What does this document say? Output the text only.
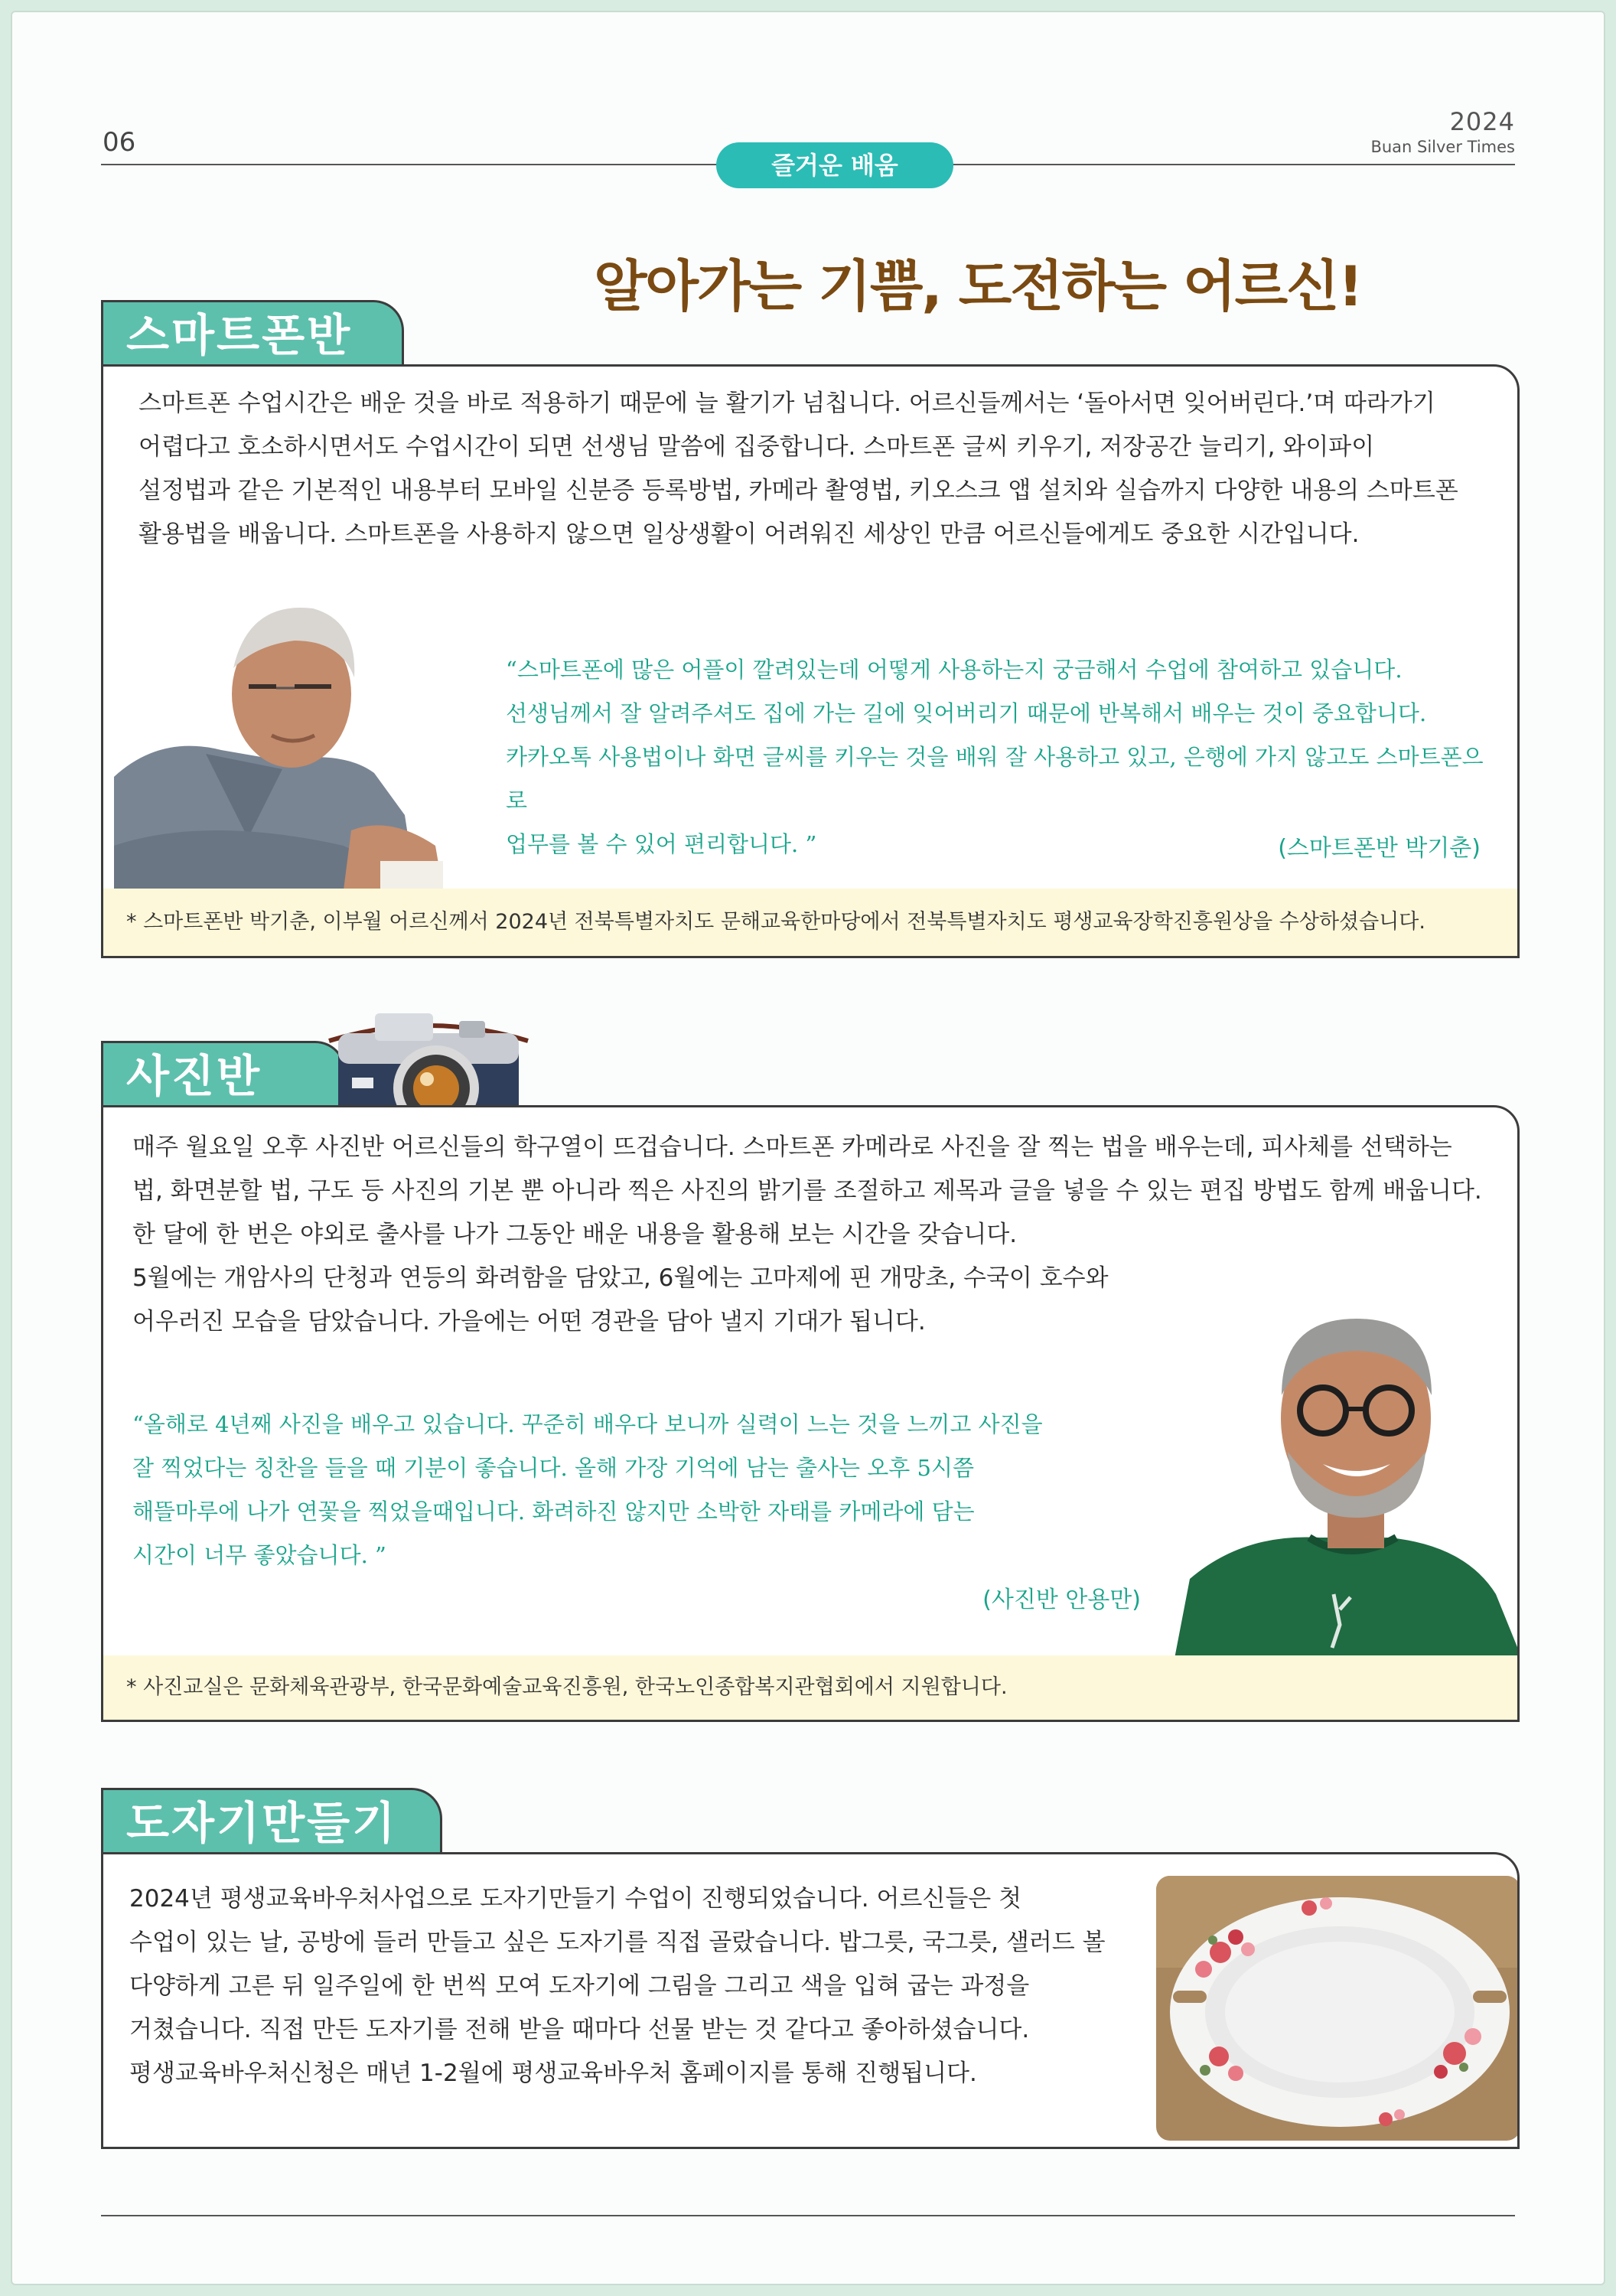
06
2024
Buan Silver Times
즐거운 배움
알아가는 기쁨, 도전하는 어르신!
스마트폰반
스마트폰 수업시간은 배운 것을 바로 적용하기 때문에 늘 활기가 넘칩니다. 어르신들께서는 ‘돌아서면 잊어버린다.’며 따라가기
어렵다고 호소하시면서도 수업시간이 되면 선생님 말씀에 집중합니다. 스마트폰 글씨 키우기, 저장공간 늘리기, 와이파이
설정법과 같은 기본적인 내용부터 모바일 신분증 등록방법, 카메라 촬영법, 키오스크 앱 설치와 실습까지 다양한 내용의 스마트폰
활용법을 배웁니다. 스마트폰을 사용하지 않으면 일상생활이 어려워진 세상인 만큼 어르신들에게도 중요한 시간입니다.
“스마트폰에 많은 어플이 깔려있는데 어떻게 사용하는지 궁금해서 수업에 참여하고 있습니다.
선생님께서 잘 알려주셔도 집에 가는 길에 잊어버리기 때문에 반복해서 배우는 것이 중요합니다.
카카오톡 사용법이나 화면 글씨를 키우는 것을 배워 잘 사용하고 있고, 은행에 가지 않고도 스마트폰으로
업무를 볼 수 있어 편리합니다. ”	(스마트폰반 박기춘)
* 스마트폰반 박기춘, 이부월 어르신께서 2024년 전북특별자치도 문해교육한마당에서 전북특별자치도 평생교육장학진흥원상을 수상하셨습니다.
사진반
매주 월요일 오후 사진반 어르신들의 학구열이 뜨겁습니다. 스마트폰 카메라로 사진을 잘 찍는 법을 배우는데, 피사체를 선택하는
법, 화면분할 법, 구도 등 사진의 기본 뿐 아니라 찍은 사진의 밝기를 조절하고 제목과 글을 넣을 수 있는 편집 방법도 함께 배웁니다.
한 달에 한 번은 야외로 출사를 나가 그동안 배운 내용을 활용해 보는 시간을 갖습니다.
5월에는 개암사의 단청과 연등의 화려함을 담았고, 6월에는 고마제에 핀 개망초, 수국이 호수와
어우러진 모습을 담았습니다. 가을에는 어떤 경관을 담아 낼지 기대가 됩니다.
“올해로 4년째 사진을 배우고 있습니다. 꾸준히 배우다 보니까 실력이 느는 것을 느끼고 사진을
잘 찍었다는 칭찬을 들을 때 기분이 좋습니다. 올해 가장 기억에 남는 출사는 오후 5시쯤
해뜰마루에 나가 연꽃을 찍었을때입니다. 화려하진 않지만 소박한 자태를 카메라에 담는
시간이 너무 좋았습니다. ”
(사진반 안용만)
* 사진교실은 문화체육관광부, 한국문화예술교육진흥원, 한국노인종합복지관협회에서 지원합니다.
도자기만들기
2024년 평생교육바우처사업으로 도자기만들기 수업이 진행되었습니다. 어르신들은 첫
수업이 있는 날, 공방에 들러 만들고 싶은 도자기를 직접 골랐습니다. 밥그릇, 국그릇, 샐러드 볼
다양하게 고른 뒤 일주일에 한 번씩 모여 도자기에 그림을 그리고 색을 입혀 굽는 과정을
거쳤습니다. 직접 만든 도자기를 전해 받을 때마다 선물 받는 것 같다고 좋아하셨습니다.
평생교육바우처신청은 매년 1-2월에 평생교육바우처 홈페이지를 통해 진행됩니다.
